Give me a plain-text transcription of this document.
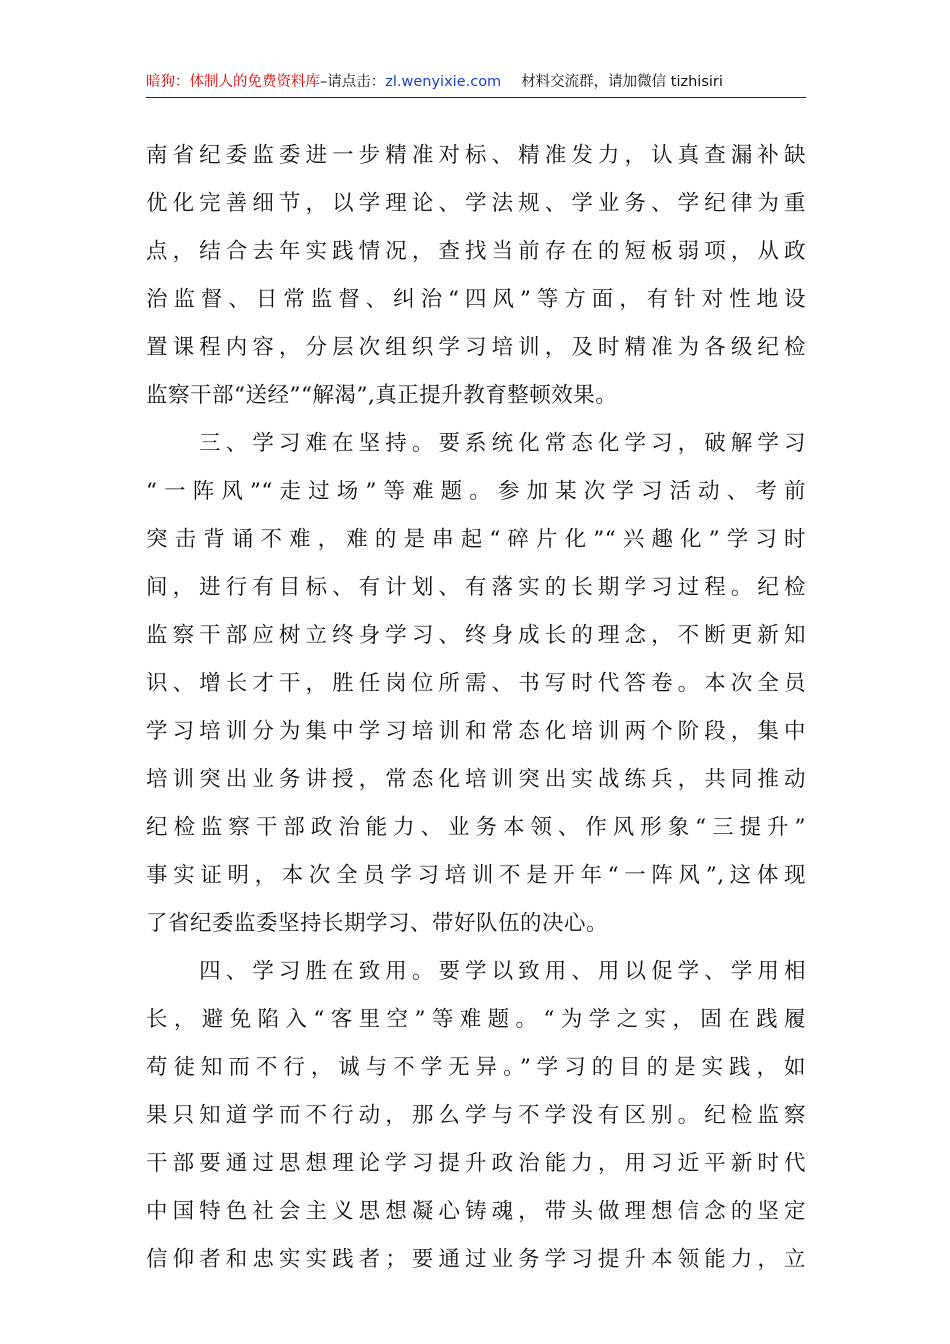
暗狗：体制人的免费资料库–请点击：zl.wenyixie.com 材料交流群，请加微信 tizhisiri
南省纪委监委进一步精准对标、精准发力，认真查漏补缺
优化完善细节，以学理论、学法规、学业务、学纪律为重
点，结合去年实践情况，查找当前存在的短板弱项，从政
治监督、日常监督、纠治“四风”等方面，有针对性地设
置课程内容，分层次组织学习培训，及时精准为各级纪检
监察干部“送经”“解渴”,真正提升教育整顿效果。
　　三、学习难在坚持。要系统化常态化学习，破解学习
“一阵风”“走过场”等难题。参加某次学习活动、考前
突击背诵不难，难的是串起“碎片化”“兴趣化”学习时
间，进行有目标、有计划、有落实的长期学习过程。纪检
监察干部应树立终身学习、终身成长的理念，不断更新知
识、增长才干，胜任岗位所需、书写时代答卷。本次全员
学习培训分为集中学习培训和常态化培训两个阶段，集中
培训突出业务讲授，常态化培训突出实战练兵，共同推动
纪检监察干部政治能力、业务本领、作风形象“三提升”
事实证明，本次全员学习培训不是开年“一阵风”,这体现
了省纪委监委坚持长期学习、带好队伍的决心。
　　四、学习胜在致用。要学以致用、用以促学、学用相
长，避免陷入“客里空”等难题。“为学之实，固在践履
苟徒知而不行，诚与不学无异。”学习的目的是实践，如
果只知道学而不行动，那么学与不学没有区别。纪检监察
干部要通过思想理论学习提升政治能力，用习近平新时代
中国特色社会主义思想凝心铸魂，带头做理想信念的坚定
信仰者和忠实实践者；要通过业务学习提升本领能力，立
